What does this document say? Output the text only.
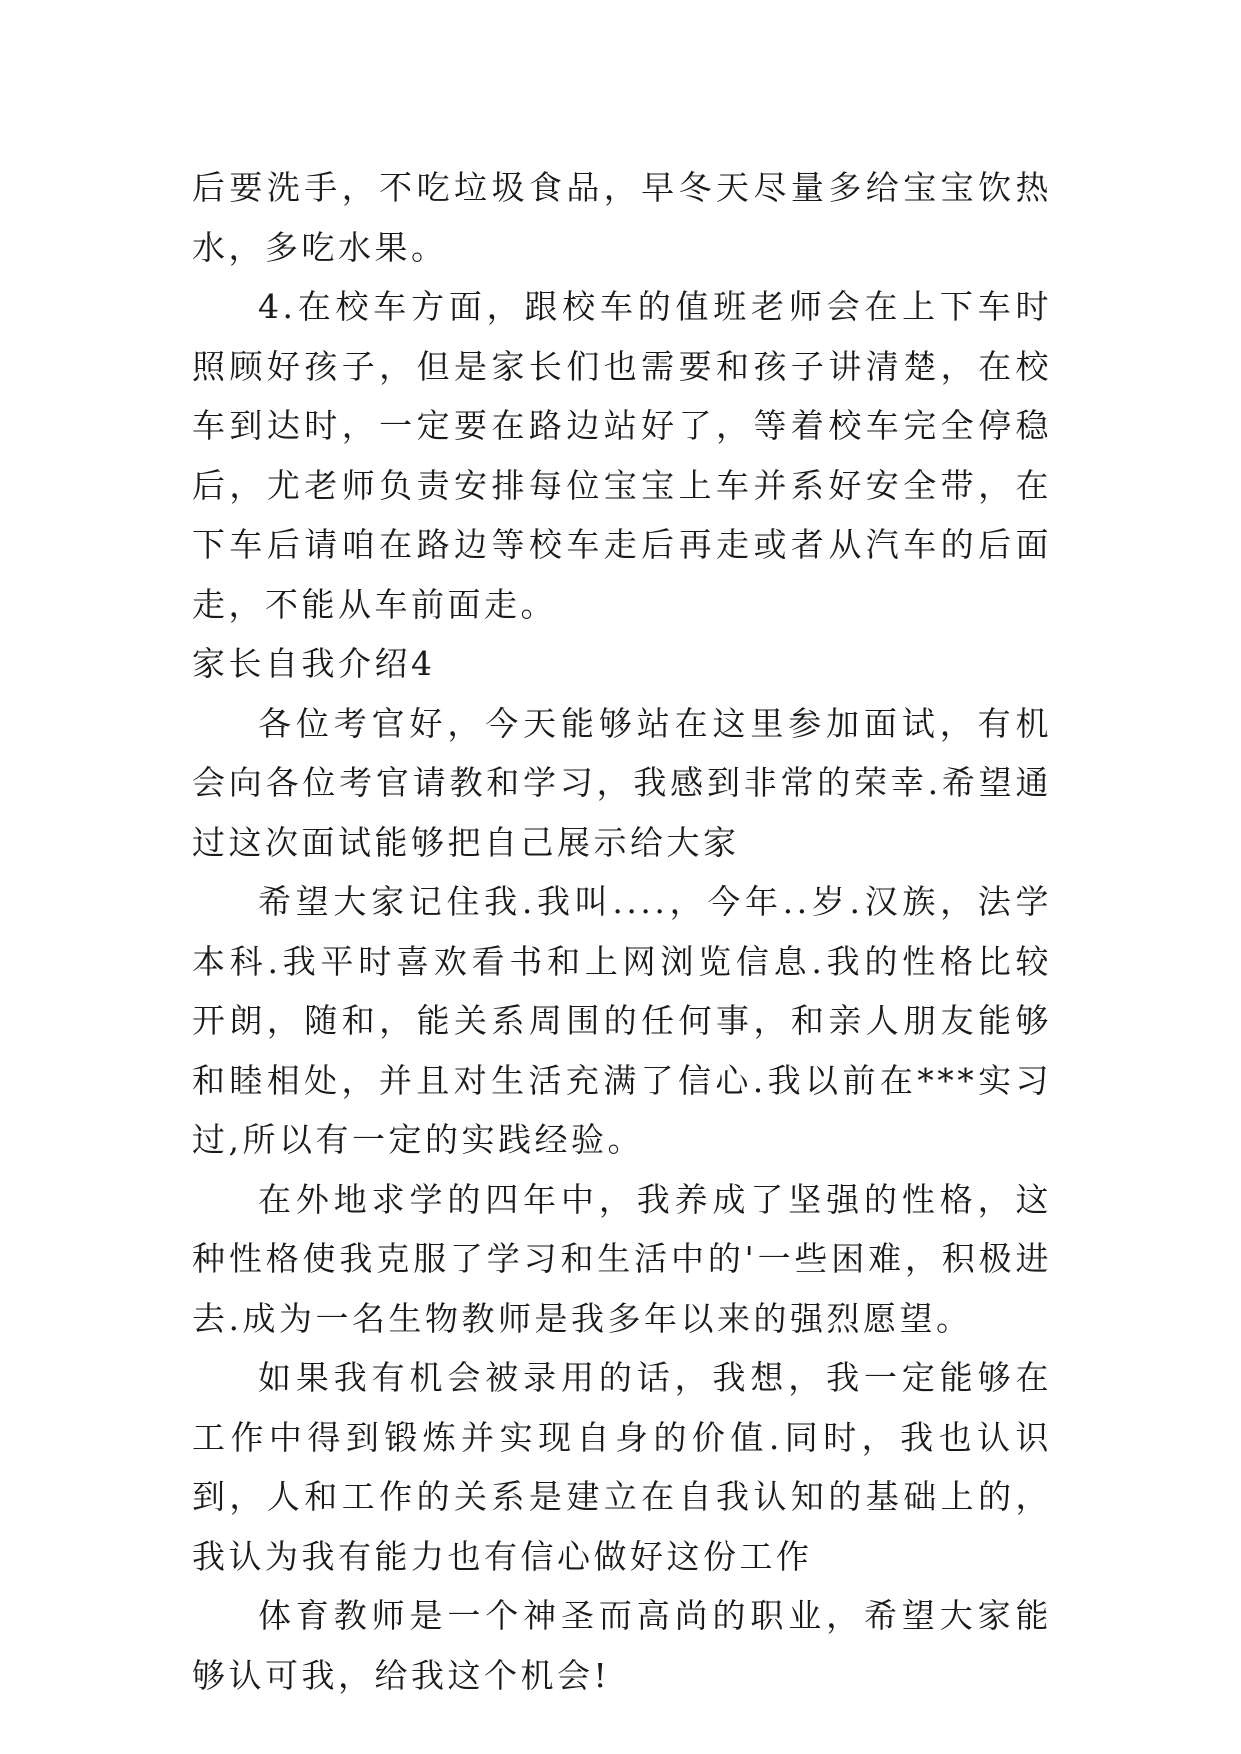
后要洗手，不吃垃圾食品，早冬天尽量多给宝宝饮热水，多吃水果。

4.在校车方面，跟校车的值班老师会在上下车时照顾好孩子，但是家长们也需要和孩子讲清楚，在校车到达时，一定要在路边站好了，等着校车完全停稳后，尤老师负责安排每位宝宝上车并系好安全带，在下车后请咱在路边等校车走后再走或者从汽车的后面走，不能从车前面走。

家长自我介绍4

各位考官好，今天能够站在这里参加面试，有机会向各位考官请教和学习，我感到非常的荣幸.希望通过这次面试能够把自己展示给大家

希望大家记住我.我叫....，今年..岁.汉族，法学本科.我平时喜欢看书和上网浏览信息.我的性格比较开朗，随和，能关系周围的任何事，和亲人朋友能够和睦相处，并且对生活充满了信心.我以前在***实习过,所以有一定的实践经验。

在外地求学的四年中，我养成了坚强的性格，这种性格使我克服了学习和生活中的'一些困难，积极进去.成为一名生物教师是我多年以来的强烈愿望。

如果我有机会被录用的话，我想，我一定能够在工作中得到锻炼并实现自身的价值.同时，我也认识到，人和工作的关系是建立在自我认知的基础上的，我认为我有能力也有信心做好这份工作

体育教师是一个神圣而高尚的职业，希望大家能够认可我，给我这个机会!
